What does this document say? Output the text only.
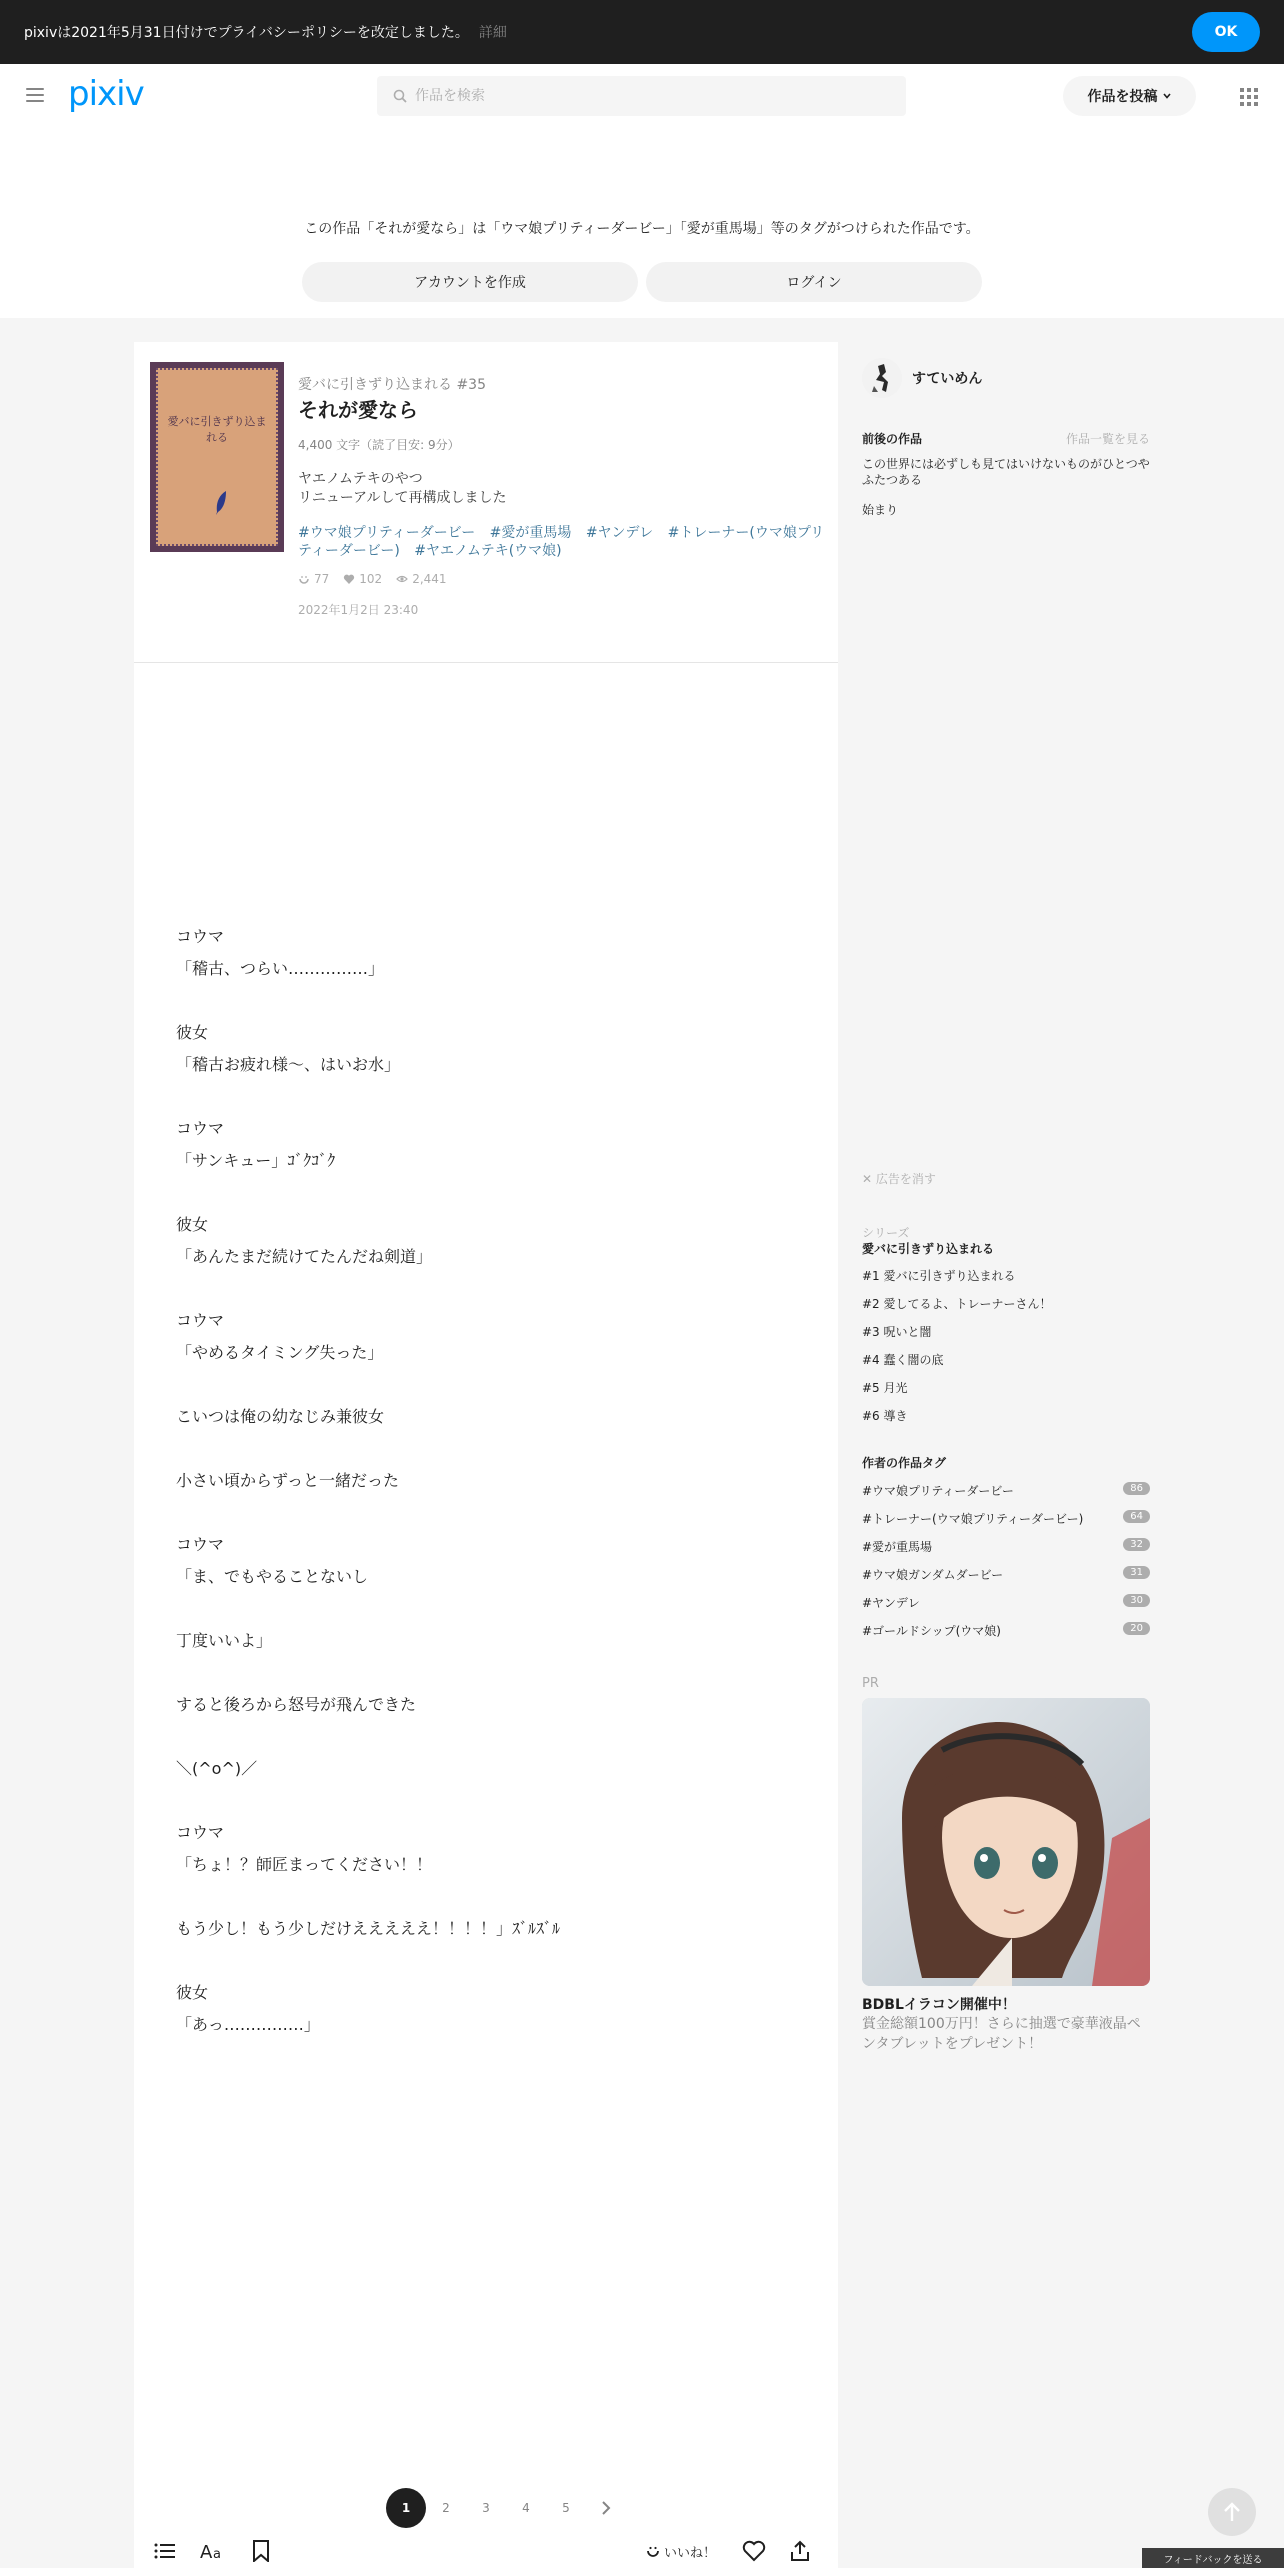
pixivは2021年5月31日付けでプライバシーポリシーを改定しました。 詳細	OK
pixiv
作品を検索	作品を投稿
この作品「それが愛なら」は「ウマ娘プリティーダービー」「愛が重馬場」等のタグがつけられた作品です。
アカウントを作成	ログイン
愛バに引きずり込まれる
愛バに引きずり込まれる #35
それが愛なら
4,400 文字（読了目安: 9分）
ヤエノムテキのやつ
リニューアルして再構成しました
#ウマ娘プリティーダービー #愛が重馬場 #ヤンデレ #トレーナー(ウマ娘プリティーダービー) #ヤエノムテキ(ウマ娘)
77	102	2,441
2022年1月2日 23:40
コウマ
「稽古、つらい……………」
彼女
「稽古お疲れ様〜、はいお水」
コウマ
「サンキュー」ｺﾞｸｺﾞｸ
彼女
「あんたまだ続けてたんだね剣道」
コウマ
「やめるタイミング失った」
こいつは俺の幼なじみ兼彼女
小さい頃からずっと一緒だった
コウマ
「ま、でもやることないし
丁度いいよ」
すると後ろから怒号が飛んできた
＼(^o^)／
コウマ
「ちょ！？師匠まってください！！
もう少し！もう少しだけえええええ！！！！」ｽﾞﾙｽﾞﾙ
彼女
「あっ……………」
1	2	3	4	5
A a	いいね！
すていめん
前後の作品	作品一覧を見る
この世界には必ずしも見てはいけないものがひとつやふたつある
始まり
✕ 広告を消す
シリーズ
愛バに引きずり込まれる
#1 愛バに引きずり込まれる
#2 愛してるよ、トレーナーさん！
#3 呪いと闇
#4 蠢く闇の底
#5 月光
#6 導き
作者の作品タグ
#ウマ娘プリティーダービー	86
#トレーナー(ウマ娘プリティーダービー)	64
#愛が重馬場	32
#ウマ娘ガンダムダービー	31
#ヤンデレ	30
#ゴールドシップ(ウマ娘)	20
PR
BDBLイラコン開催中！
賞金総額100万円！さらに抽選で豪華液晶ペ
ンタブレットをプレゼント！
フィードバックを送る
